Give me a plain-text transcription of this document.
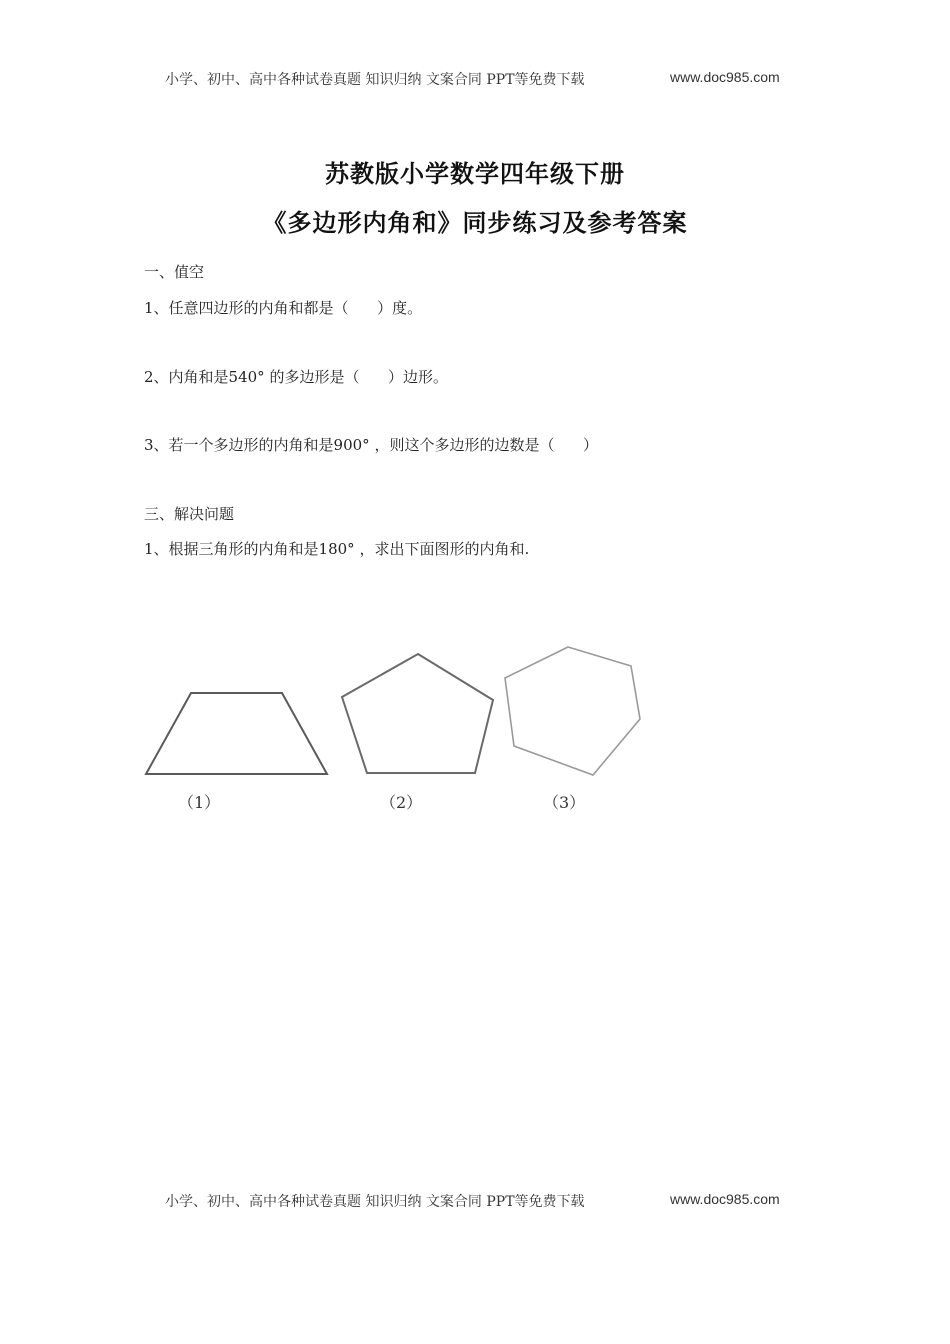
小学、初中、高中各种试卷真题 知识归纳 文案合同 PPT等免费下载	www.doc985.com
苏教版小学数学四年级下册
《多边形内角和》同步练习及参考答案
一、值空
1、任意四边形的内角和都是（      ）度。
2、内角和是540° 的多边形是（      ）边形。
3、若一个多边形的内角和是900° ，则这个多边形的边数是（      ）
三、解决问题
1、根据三角形的内角和是180° ，求出下面图形的内角和.
（1）	（2）	（3）
小学、初中、高中各种试卷真题 知识归纳 文案合同 PPT等免费下载	www.doc985.com
